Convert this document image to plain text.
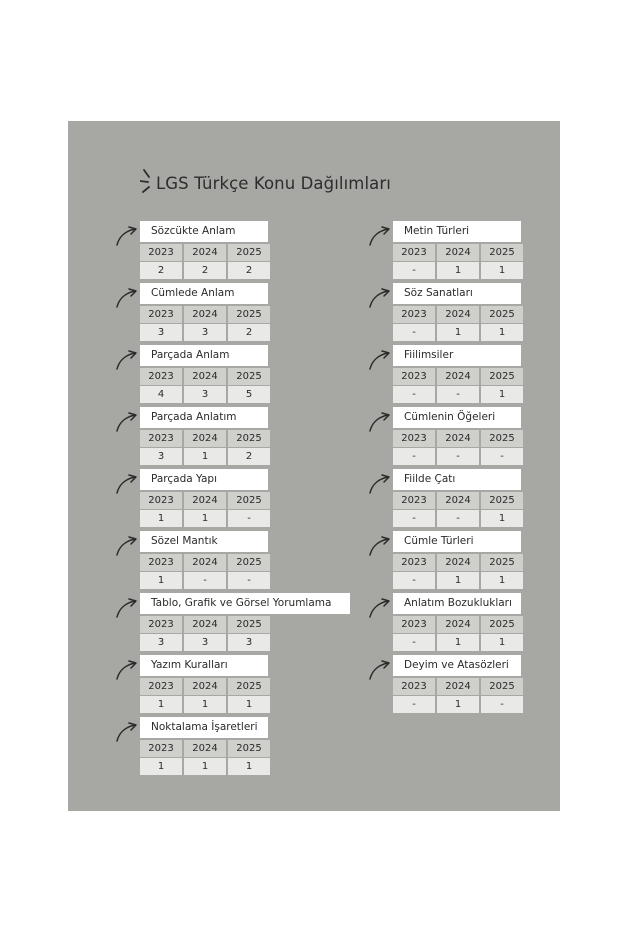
LGS Türkçe Konu Dağılımları
Sözcükte Anlam
2023	2024	2025
2	2	2
Cümlede Anlam
2023	2024	2025
3	3	2
Parçada Anlam
2023	2024	2025
4	3	5
Parçada Anlatım
2023	2024	2025
3	1	2
Parçada Yapı
2023	2024	2025
1	1	-
Sözel Mantık
2023	2024	2025
1	-	-
Tablo, Grafik ve Görsel Yorumlama
2023	2024	2025
3	3	3
Yazım Kuralları
2023	2024	2025
1	1	1
Noktalama İşaretleri
2023	2024	2025
1	1	1
Metin Türleri
2023	2024	2025
-	1	1
Söz Sanatları
2023	2024	2025
-	1	1
Fiilimsiler
2023	2024	2025
-	-	1
Cümlenin Öğeleri
2023	2024	2025
-	-	-
Fiilde Çatı
2023	2024	2025
-	-	1
Cümle Türleri
2023	2024	2025
-	1	1
Anlatım Bozuklukları
2023	2024	2025
-	1	1
Deyim ve Atasözleri
2023	2024	2025
-	1	-
